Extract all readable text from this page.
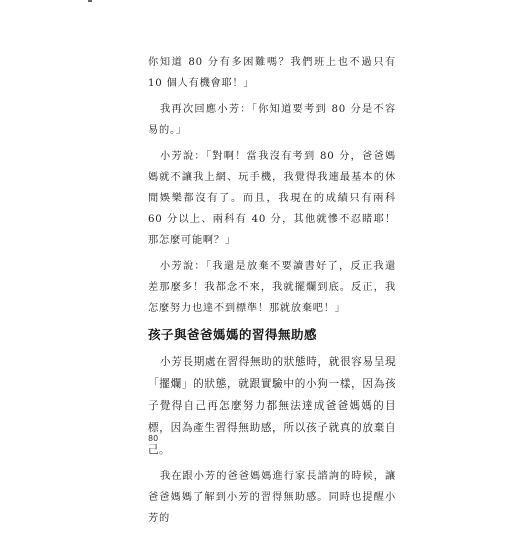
你知道 80 分有多困難嗎？我們班上也不過只有 10 個人有機會耶！」

我再次回應小芳：「你知道要考到 80 分是不容易的。」

小芳說：「對啊！當我沒有考到 80 分，爸爸媽媽就不讓我上網、玩手機，我覺得我連最基本的休閒娛樂都沒有了。而且，我現在的成績只有兩科 60 分以上、兩科有 40 分，其他就慘不忍睹耶！那怎麼可能啊？」

小芳說：「我還是放棄不要讀書好了，反正我還差那麼多！我都念不來，我就擺爛到底。反正，我怎麼努力也達不到標準！那就放棄吧！」

孩子與爸爸媽媽的習得無助感

小芳長期處在習得無助的狀態時，就很容易呈現「擺爛」的狀態，就跟實驗中的小狗一樣，因為孩子覺得自己再怎麼努力都無法達成爸爸媽媽的目標，因為產生習得無助感，所以孩子就真的放棄自己。

我在跟小芳的爸爸媽媽進行家長諮詢的時候，讓爸爸媽媽了解到小芳的習得無助感。同時也提醒小芳的

80
